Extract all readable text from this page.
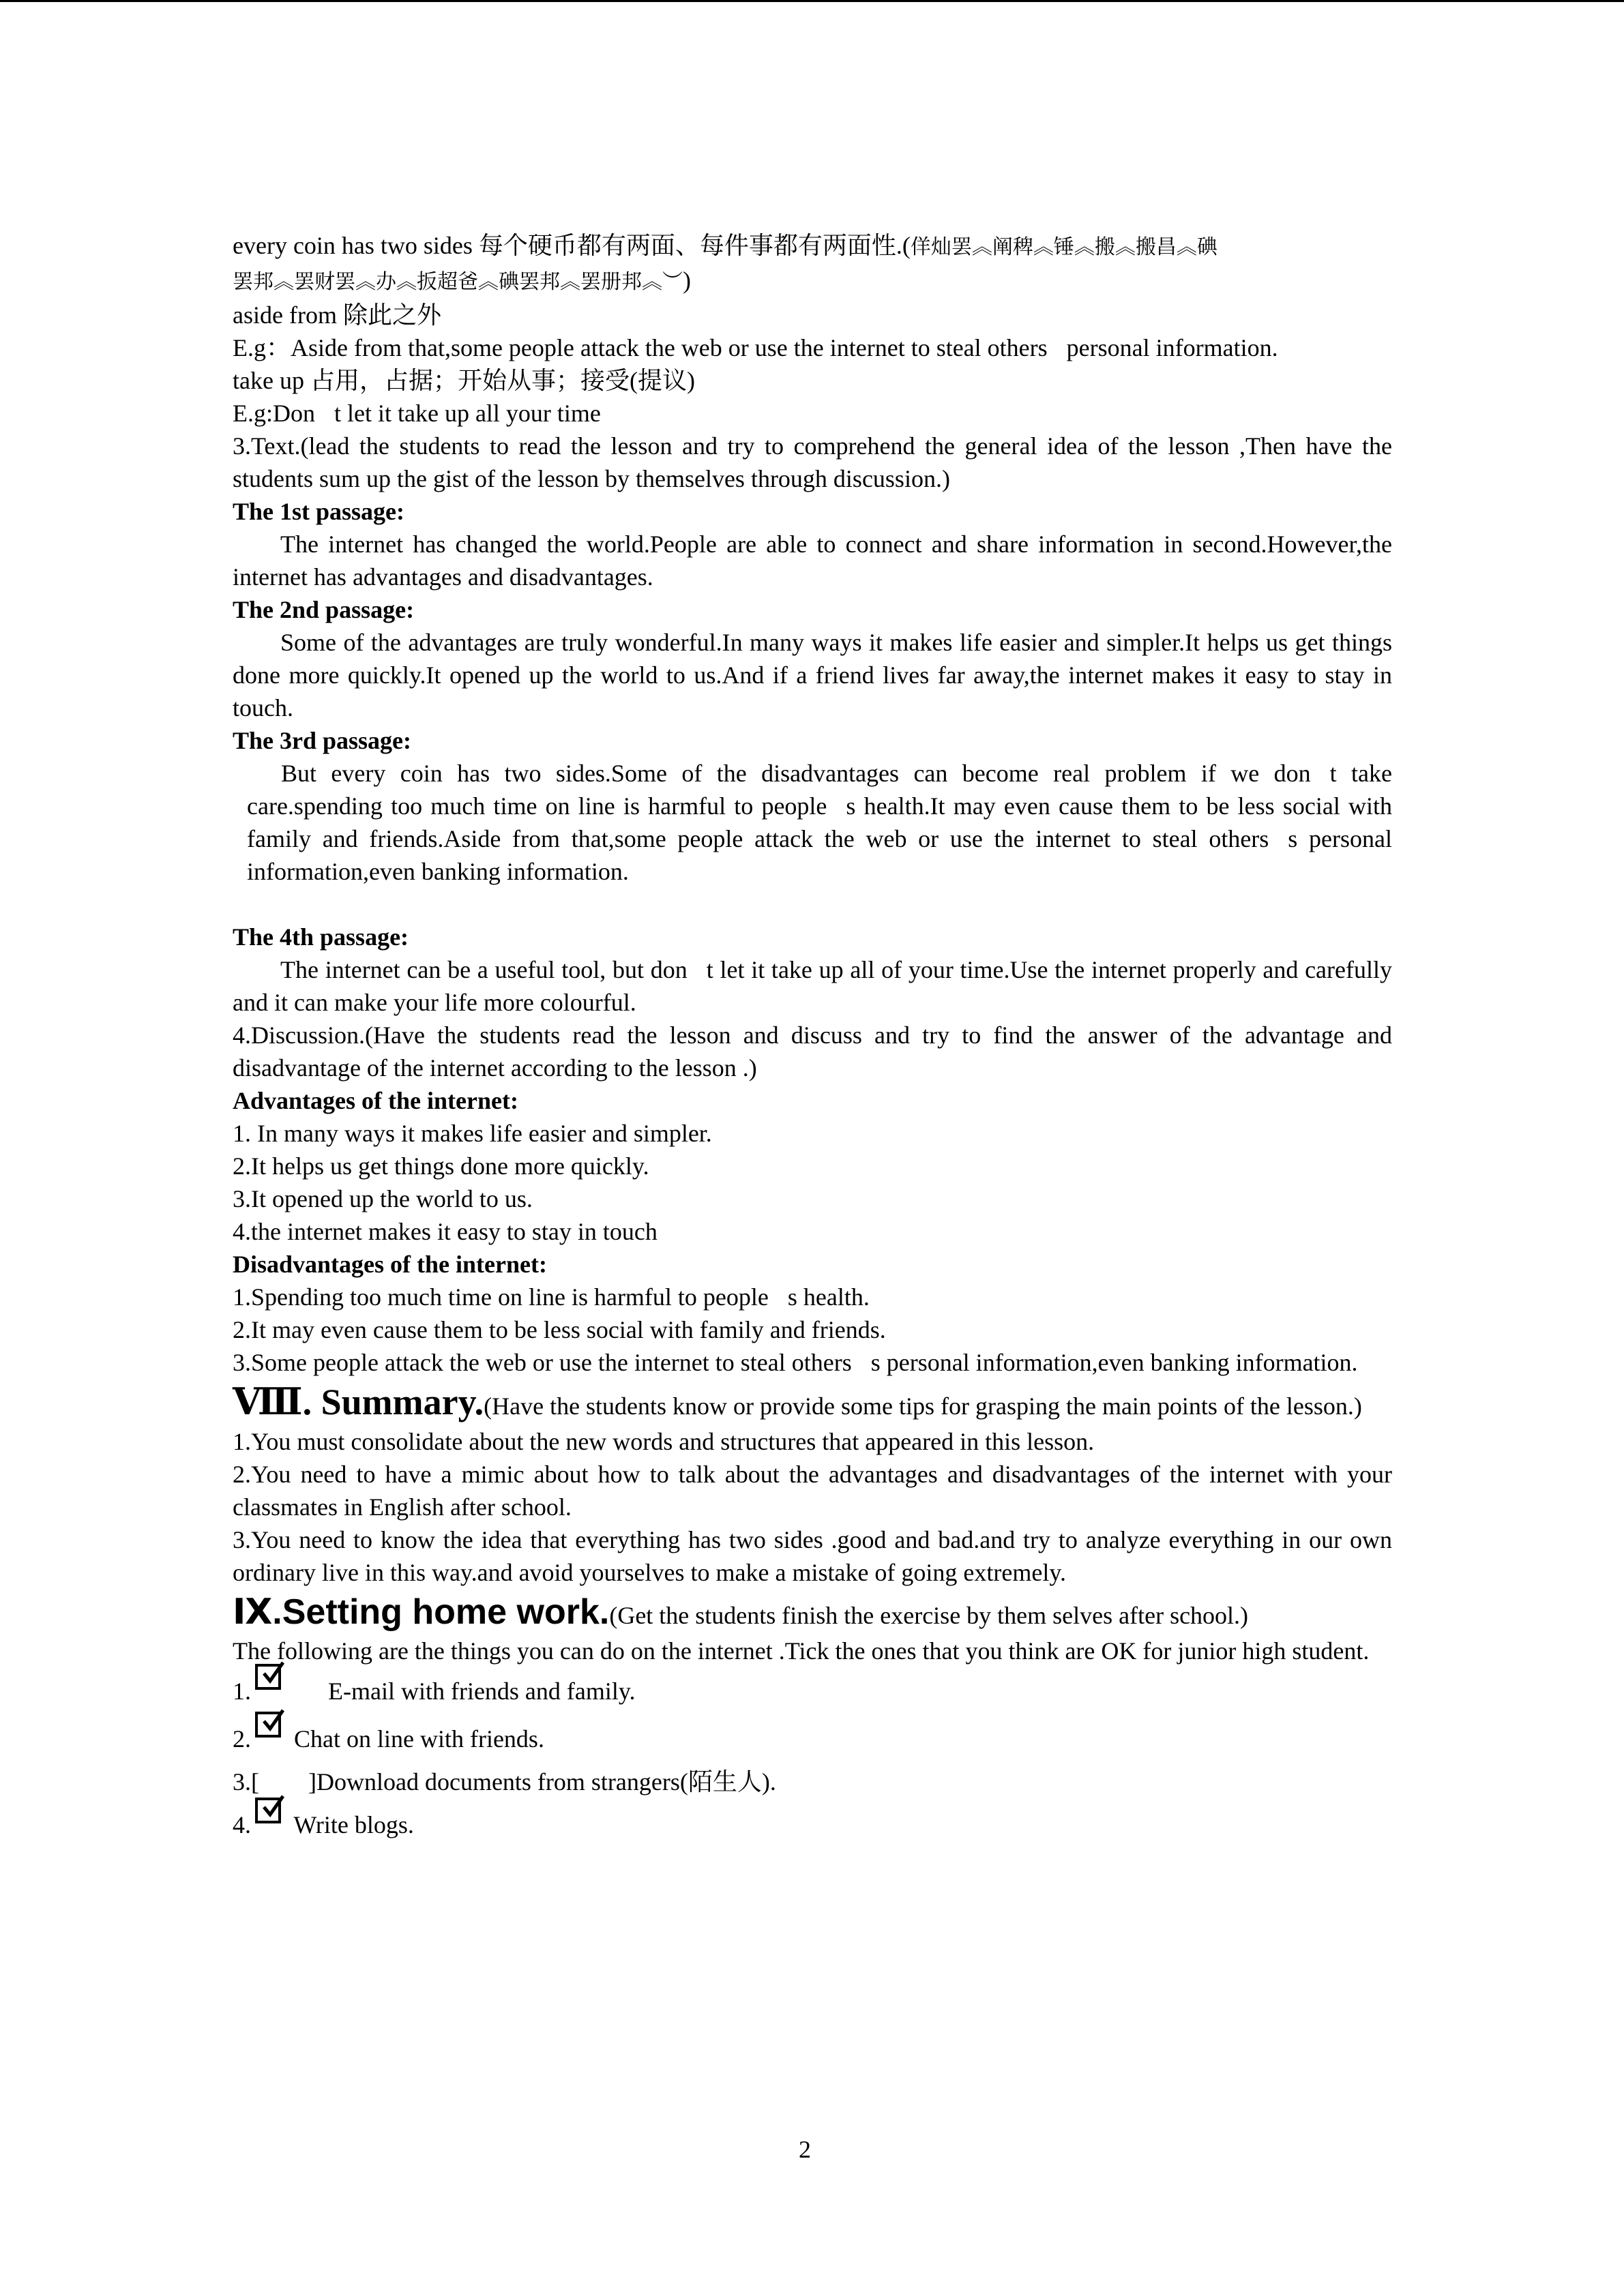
every coin has two sides 每个硬币都有两面、每件事都有两面性.(佯灿罢︽阐稗︽锤︽搬︽搬昌︽碘
罢邦︽罢财罢︽办︽扳超爸︽碘罢邦︽罢册邦︽︶)

aside from 除此之外

E.g：Aside from that,some people attack the web or use the internet to steal others personal information.

take up 占用，占据；开始从事；接受(提议)

E.g:Don t let it take up all your time

3.Text.(lead the students to read the lesson and try to comprehend the general idea of the lesson ,Then have the students sum up the gist of the lesson by themselves through discussion.)

The 1st passage:

The internet has changed the world.People are able to connect and share information in second.However,the internet has advantages and disadvantages.

The 2nd passage:

Some of the advantages are truly wonderful.In many ways it makes life easier and simpler.It helps us get things done more quickly.It opened up the world to us.And if a friend lives far away,the internet makes it easy to stay in touch.

The 3rd passage:

But every coin has two sides.Some of the disadvantages can become real problem if we don t take care.spending too much time on line is harmful to people s health.It may even cause them to be less social with family and friends.Aside from that,some people attack the web or use the internet to steal others s personal information,even banking information.

The 4th passage:

The internet can be a useful tool, but don t let it take up all of your time.Use the internet properly and carefully and it can make your life more colourful.

4.Discussion.(Have the students read the lesson and discuss and try to find the answer of the advantage and disadvantage of the internet according to the lesson .)

Advantages of the internet:

1. In many ways it makes life easier and simpler.

2.It helps us get things done more quickly.

3.It opened up the world to us.

4.the internet makes it easy to stay in touch

Disadvantages of the internet:

1.Spending too much time on line is harmful to people s health.

2.It may even cause them to be less social with family and friends.

3.Some people attack the web or use the internet to steal others s personal information,even banking information.

Ⅷ. Summary.(Have the students know or provide some tips for grasping the main points of the lesson.)

1.You must consolidate about the new words and structures that appeared in this lesson.

2.You need to have a mimic about how to talk about the advantages and disadvantages of the internet with your classmates in English after school.

3.You need to know the idea that everything has two sides .good and bad.and try to analyze everything in our own ordinary live in this way.and avoid yourselves to make a mistake of going extremely.

Ⅸ.Setting home work.(Get the students finish the exercise by them selves after school.)

The following are the things you can do on the internet .Tick the ones that you think are OK for junior high student.

1.	E-mail with friends and family.

2. Chat on line with friends.

3.[        ]Download documents from strangers(陌生人).

4. Write blogs.

2
